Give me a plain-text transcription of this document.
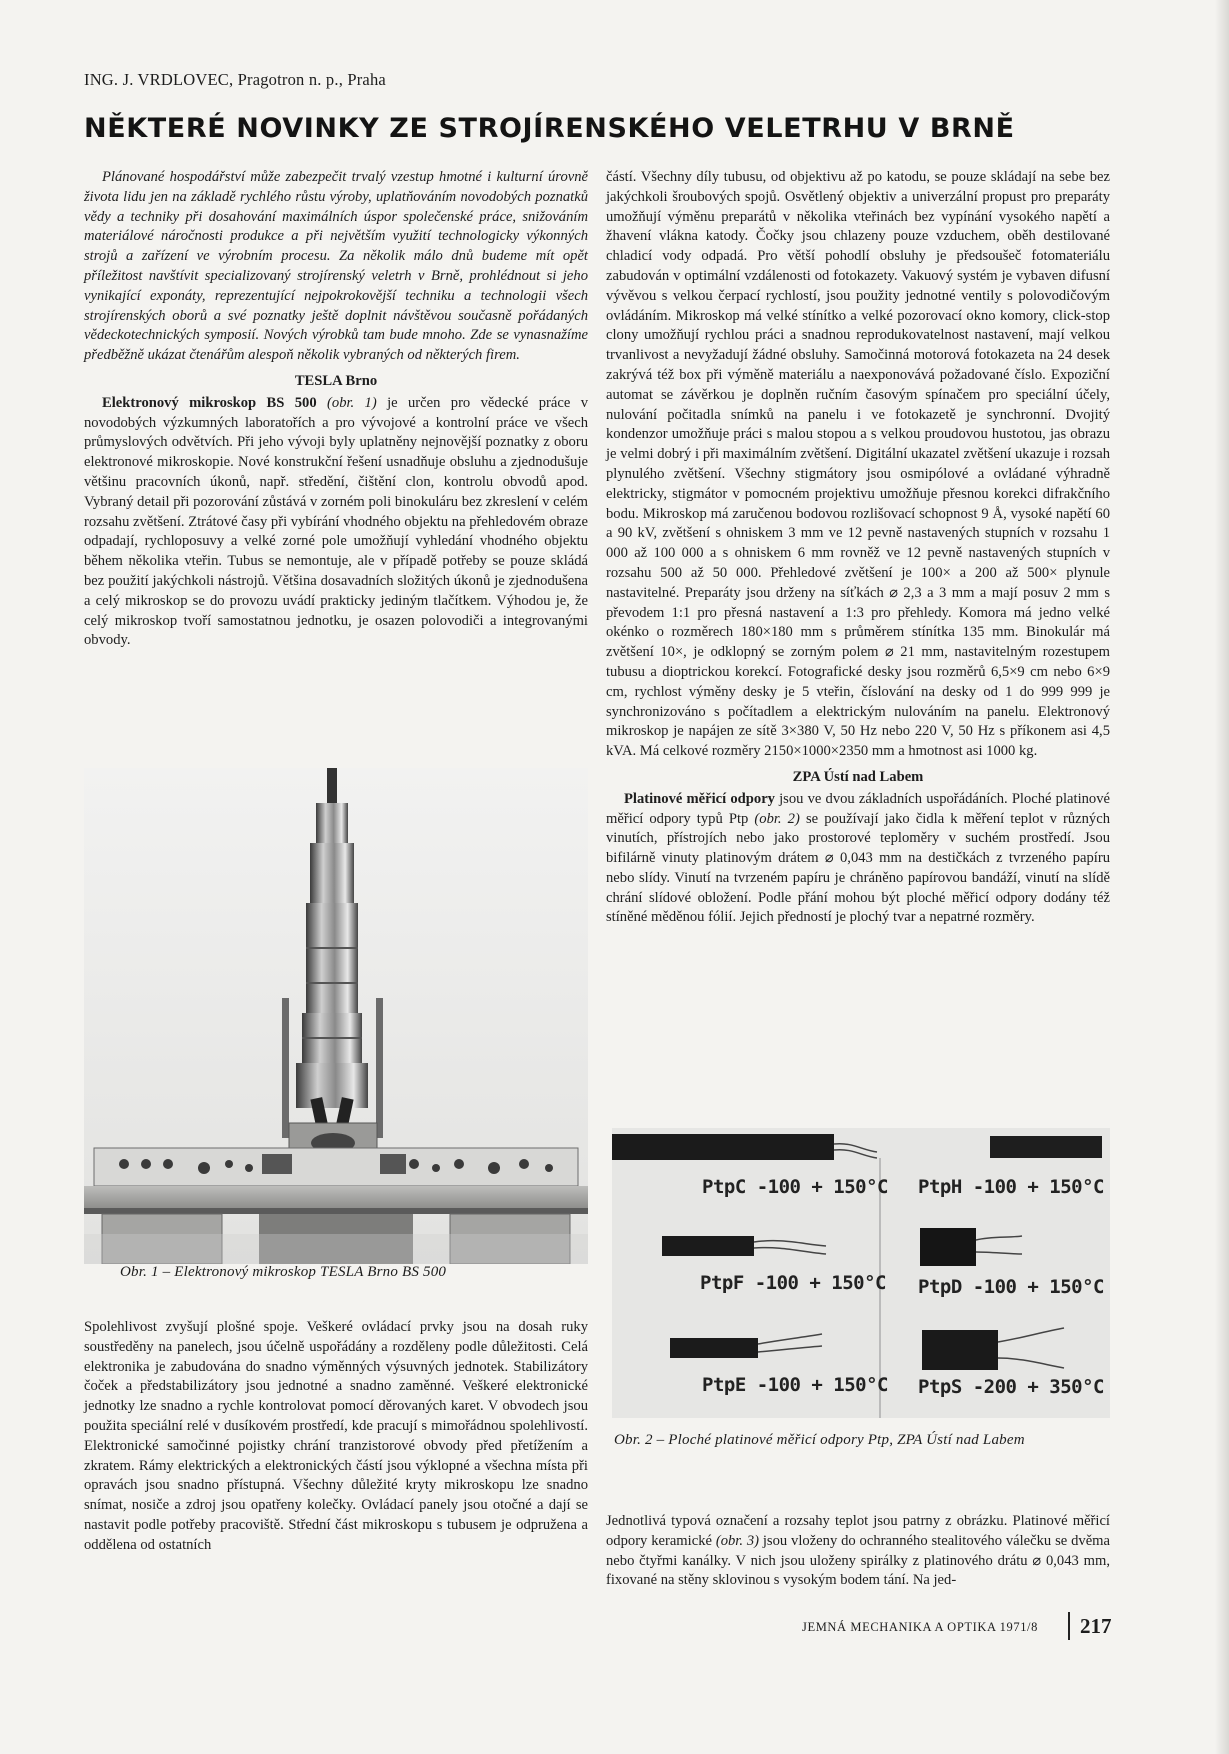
ING. J. VRDLOVEC, Pragotron n. p., Praha
NĚKTERÉ NOVINKY ZE STROJÍRENSKÉHO VELETRHU V BRNĚ

Plánované hospodářství může zabezpečit trvalý vzestup hmotné i kulturní úrovně života lidu jen na základě rychlého růstu výroby, uplatňováním novodobých poznatků vědy a techniky při dosahování maximálních úspor společenské práce, snižováním materiálové náročnosti produkce a při největším využití technologicky výkonných strojů a zařízení ve výrobním procesu. Za několik málo dnů budeme mít opět příležitost navštívit specializovaný strojírenský veletrh v Brně, prohlédnout si jeho vynikající exponáty, reprezentující nejpokrokovější techniku a technologii všech strojírenských oborů a své poznatky ještě doplnit návštěvou současně pořádaných vědeckotechnických symposií. Nových výrobků tam bude mnoho. Zde se vynasnažíme předběžně ukázat čtenářům alespoň několik vybraných od některých firem.

TESLA Brno

Elektronový mikroskop BS 500 (obr. 1) je určen pro vědecké práce v novodobých výzkumných laboratořích a pro vývojové a kontrolní práce ve všech průmyslových odvětvích. Při jeho vývoji byly uplatněny nejnovější poznatky z oboru elektronové mikroskopie. Nové konstrukční řešení usnadňuje obsluhu a zjednodušuje většinu pracovních úkonů, např. středění, čištění clon, kontrolu obvodů apod. Vybraný detail při pozorování zůstává v zorném poli binokuláru bez zkreslení v celém rozsahu zvětšení. Ztrátové časy při vybírání vhodného objektu na přehledovém obraze odpadají, rychloposuvy a velké zorné pole umožňují vyhledání vhodného objektu během několika vteřin. Tubus se nemontuje, ale v případě potřeby se pouze skládá bez použití jakýchkoli nástrojů. Většina dosavadních složitých úkonů je zjednodušena a celý mikroskop se do provozu uvádí prakticky jediným tlačítkem. Výhodou je, že celý mikroskop tvoří samostatnou jednotku, je osazen polovodiči a integrovanými obvody.

Obr. 1 – Elektronový mikroskop TESLA Brno BS 500

Spolehlivost zvyšují plošné spoje. Veškeré ovládací prvky jsou na dosah ruky soustředěny na panelech, jsou účelně uspořádány a rozděleny podle důležitosti. Celá elektronika je zabudována do snadno výměnných výsuvných jednotek. Stabilizátory čoček a předstabilizátory jsou jednotné a snadno zaměnné. Veškeré elektronické jednotky lze snadno a rychle kontrolovat pomocí děrovaných karet. V obvodech jsou použita speciální relé v dusíkovém prostředí, kde pracují s mimořádnou spolehlivostí. Elektronické samočinné pojistky chrání tranzistorové obvody před přetížením a zkratem. Rámy elektrických a elektronických částí jsou výklopné a všechna místa při opravách jsou snadno přístupná. Všechny důležité kryty mikroskopu lze snadno snímat, nosiče a zdroj jsou opatřeny kolečky. Ovládací panely jsou otočné a dají se nastavit podle potřeby pracoviště. Střední část mikroskopu s tubusem je odpružena a oddělena od ostatních

částí. Všechny díly tubusu, od objektivu až po katodu, se pouze skládají na sebe bez jakýchkoli šroubových spojů. Osvětlený objektiv a univerzální propust pro preparáty umožňují výměnu preparátů v několika vteřinách bez vypínání vysokého napětí a žhavení vlákna katody. Čočky jsou chlazeny pouze vzduchem, oběh destilované chladicí vody odpadá. Pro větší pohodlí obsluhy je předsoušeč fotomateriálu zabudován v optimální vzdálenosti od fotokazety. Vakuový systém je vybaven difusní vývěvou s velkou čerpací rychlostí, jsou použity jednotné ventily s polovodičovým ovládáním. Mikroskop má velké stínítko a velké pozorovací okno komory, click-stop clony umožňují rychlou práci a snadnou reprodukovatelnost nastavení, mají velkou trvanlivost a nevyžadují žádné obsluhy. Samočinná motorová fotokazeta na 24 desek zakrývá též box při výměně materiálu a naexponovává požadované číslo. Expoziční automat se závěrkou je doplněn ručním časovým spínačem pro speciální účely, nulování počitadla snímků na panelu i ve fotokazetě je synchronní. Dvojitý kondenzor umožňuje práci s malou stopou a s velkou proudovou hustotou, jas obrazu je velmi dobrý i při maximálním zvětšení. Digitální ukazatel zvětšení ukazuje i rozsah plynulého zvětšení. Všechny stigmátory jsou osmipólové a ovládané výhradně elektricky, stigmátor v pomocném projektivu umožňuje přesnou korekci difrakčního bodu. Mikroskop má zaručenou bodovou rozlišovací schopnost 9 Å, vysoké napětí 60 a 90 kV, zvětšení s ohniskem 3 mm ve 12 pevně nastavených stupních v rozsahu 1 000 až 100 000 a s ohniskem 6 mm rovněž ve 12 pevně nastavených stupních v rozsahu 500 až 50 000. Přehledové zvětšení je 100× a 200 až 500× plynule nastavitelné. Preparáty jsou drženy na síťkách ⌀ 2,3 a 3 mm a mají posuv 2 mm s převodem 1:1 pro přesná nastavení a 1:3 pro přehledy. Komora má jedno velké okénko o rozměrech 180×180 mm s průměrem stínítka 135 mm. Binokulár má zvětšení 10×, je odklopný se zorným polem ⌀ 21 mm, nastavitelným rozestupem tubusu a dioptrickou korekcí. Fotografické desky jsou rozměrů 6,5×9 cm nebo 6×9 cm, rychlost výměny desky je 5 vteřin, číslování na desky od 1 do 999 999 je synchronizováno s počítadlem a elektrickým nulováním na panelu. Elektronový mikroskop je napájen ze sítě 3×380 V, 50 Hz nebo 220 V, 50 Hz s příkonem asi 4,5 kVA. Má celkové rozměry 2150×1000×2350 mm a hmotnost asi 1000 kg.

ZPA Ústí nad Labem

Platinové měřicí odpory jsou ve dvou základních uspořádáních. Ploché platinové měřicí odpory typů Ptp (obr. 2) se používají jako čidla k měření teplot v různých vinutích, přístrojích nebo jako prostorové teploměry v suchém prostředí. Jsou bifilárně vinuty platinovým drátem ⌀ 0,043 mm na destičkách z tvrzeného papíru nebo slídy. Vinutí na tvrzeném papíru je chráněno papírovou bandáží, vinutí na slídě chrání slídové obložení. Podle přání mohou být ploché měřicí odpory dodány též stíněné měděnou fólií. Jejich předností je plochý tvar a nepatrné rozměry.

PtpC -100 + 150°C PtpH -100 + 150°C
PtpF -100 + 150°C PtpD -100 + 150°C
PtpE -100 + 150°C PtpS -200 + 350°C
Obr. 2 – Ploché platinové měřicí odpory Ptp, ZPA Ústí nad Labem

Jednotlivá typová označení a rozsahy teplot jsou patrny z obrázku. Platinové měřicí odpory keramické (obr. 3) jsou vloženy do ochranného stealitového válečku se dvěma nebo čtyřmi kanálky. V nich jsou uloženy spirálky z platinového drátu ⌀ 0,043 mm, fixované na stěny sklovinou s vysokým bodem tání. Na jed-

JEMNÁ MECHANIKA A OPTIKA 1971/8 217
